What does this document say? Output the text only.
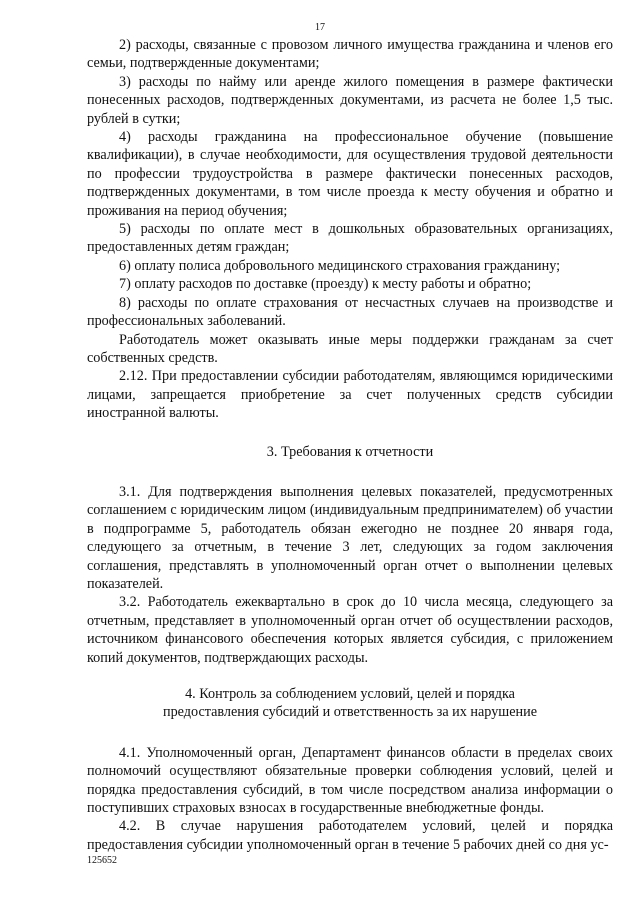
17

2) расходы, связанные с провозом личного имущества гражданина и членов его семьи, подтвержденные документами;

3) расходы по найму или аренде жилого помещения в размере фактически понесенных расходов, подтвержденных документами, из расчета не более 1,5 тыс. рублей в сутки;

4) расходы гражданина на профессиональное обучение (повышение квалификации), в случае необходимости, для осуществления трудовой деятельности по профессии трудоустройства в размере фактически понесенных расходов, подтвержденных документами, в том числе проезда к месту обучения и обратно и проживания на период обучения;

5) расходы по оплате мест в дошкольных образовательных организациях, предоставленных детям граждан;

6) оплату полиса добровольного медицинского страхования гражданину;

7) оплату расходов по доставке (проезду) к месту работы и обратно;

8) расходы по оплате страхования от несчастных случаев на производстве и профессиональных заболеваний.

Работодатель может оказывать иные меры поддержки гражданам за счет собственных средств.

2.12. При предоставлении субсидии работодателям, являющимся юридическими лицами, запрещается приобретение за счет полученных средств субсидии иностранной валюты.

3. Требования к отчетности

3.1. Для подтверждения выполнения целевых показателей, предусмотренных соглашением с юридическим лицом (индивидуальным предпринимателем) об участии в подпрограмме 5, работодатель обязан ежегодно не позднее 20 января года, следующего за отчетным, в течение 3 лет, следующих за годом заключения соглашения, представлять в уполномоченный орган отчет о выполнении целевых показателей.

3.2. Работодатель ежеквартально в срок до 10 числа месяца, следующего за отчетным, представляет в уполномоченный орган отчет об осуществлении расходов, источником финансового обеспечения которых является субсидия, с приложением копий документов, подтверждающих расходы.

4. Контроль за соблюдением условий, целей и порядка
предоставления субсидий и ответственность за их нарушение

4.1. Уполномоченный орган, Департамент финансов области в пределах своих полномочий осуществляют обязательные проверки соблюдения условий, целей и порядка предоставления субсидий, в том числе посредством анализа информации о поступивших страховых взносах в государственные внебюджетные фонды.

4.2. В случае нарушения работодателем условий, целей и порядка предоставления субсидии уполномоченный орган в течение 5 рабочих дней со дня ус-

125652
